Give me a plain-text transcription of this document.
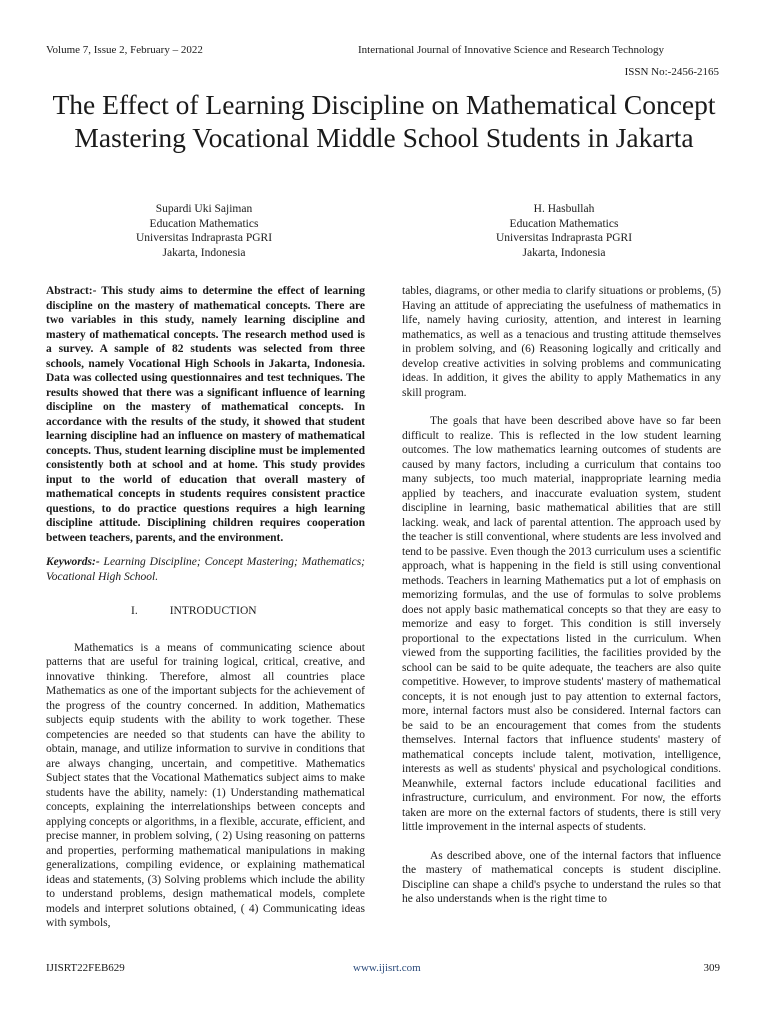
Volume 7, Issue 2, February – 2022	International Journal of Innovative Science and Research Technology
ISSN No:-2456-2165
The Effect of Learning Discipline on Mathematical Concept Mastering Vocational Middle School Students in Jakarta
Supardi Uki Sajiman
Education Mathematics
Universitas Indraprasta PGRI
Jakarta, Indonesia
H. Hasbullah
Education Mathematics
Universitas Indraprasta PGRI
Jakarta, Indonesia

Abstract:- This study aims to determine the effect of learning discipline on the mastery of mathematical concepts. There are two variables in this study, namely learning discipline and mastery of mathematical concepts. The research method used is a survey. A sample of 82 students was selected from three schools, namely Vocational High Schools in Jakarta, Indonesia. Data was collected using questionnaires and test techniques. The results showed that there was a significant influence of learning discipline on the mastery of mathematical concepts. In accordance with the results of the study, it showed that student learning discipline had an influence on mastery of mathematical concepts. Thus, student learning discipline must be implemented consistently both at school and at home. This study provides input to the world of education that overall mastery of mathematical concepts in students requires consistent practice questions, to do practice questions requires a high learning discipline attitude. Disciplining children requires cooperation between teachers, parents, and the environment.

Keywords:- Learning Discipline; Concept Mastering; Mathematics; Vocational High School.

I.	INTRODUCTION

Mathematics is a means of communicating science about patterns that are useful for training logical, critical, creative, and innovative thinking. Therefore, almost all countries place Mathematics as one of the important subjects for the achievement of the progress of the country concerned. In addition, Mathematics subjects equip students with the ability to work together. These competencies are needed so that students can have the ability to obtain, manage, and utilize information to survive in conditions that are always changing, uncertain, and competitive. Mathematics Subject states that the Vocational Mathematics subject aims to make students have the ability, namely: (1) Understanding mathematical concepts, explaining the interrelationships between concepts and applying concepts or algorithms, in a flexible, accurate, efficient, and precise manner, in problem solving, ( 2) Using reasoning on patterns and properties, performing mathematical manipulations in making generalizations, compiling evidence, or explaining mathematical ideas and statements, (3) Solving problems which include the ability to understand problems, design mathematical models, complete models and interpret solutions obtained, ( 4) Communicating ideas with symbols,

tables, diagrams, or other media to clarify situations or problems, (5) Having an attitude of appreciating the usefulness of mathematics in life, namely having curiosity, attention, and interest in learning mathematics, as well as a tenacious and trusting attitude themselves in problem solving, and (6) Reasoning logically and critically and develop creative activities in solving problems and communicating ideas. In addition, it gives the ability to apply Mathematics in any skill program.

The goals that have been described above have so far been difficult to realize. This is reflected in the low student learning outcomes. The low mathematics learning outcomes of students are caused by many factors, including a curriculum that contains too many subjects, too much material, inappropriate learning media applied by teachers, and inaccurate evaluation system, student discipline in learning, basic mathematical abilities that are still lacking. weak, and lack of parental attention. The approach used by the teacher is still conventional, where students are less involved and tend to be passive. Even though the 2013 curriculum uses a scientific approach, what is happening in the field is still using conventional methods. Teachers in learning Mathematics put a lot of emphasis on memorizing formulas, and the use of formulas to solve problems does not apply basic mathematical concepts so that they are easy to memorize and easy to forget. This condition is still inversely proportional to the expectations listed in the curriculum. When viewed from the supporting facilities, the facilities provided by the school can be said to be quite adequate, the teachers are also quite competitive. However, to improve students' mastery of mathematical concepts, it is not enough just to pay attention to external factors, more, internal factors must also be considered. Internal factors can be said to be an encouragement that comes from the students themselves. Internal factors that influence students' mastery of mathematical concepts include talent, motivation, intelligence, interests as well as students' physical and psychological conditions. Meanwhile, external factors include educational facilities and infrastructure, curriculum, and environment. For now, the efforts taken are more on the external factors of students, there is still very little improvement in the internal aspects of students.

As described above, one of the internal factors that influence the mastery of mathematical concepts is student discipline. Discipline can shape a child's psyche to understand the rules so that he also understands when is the right time to

IJISRT22FEB629	www.ijisrt.com	309
